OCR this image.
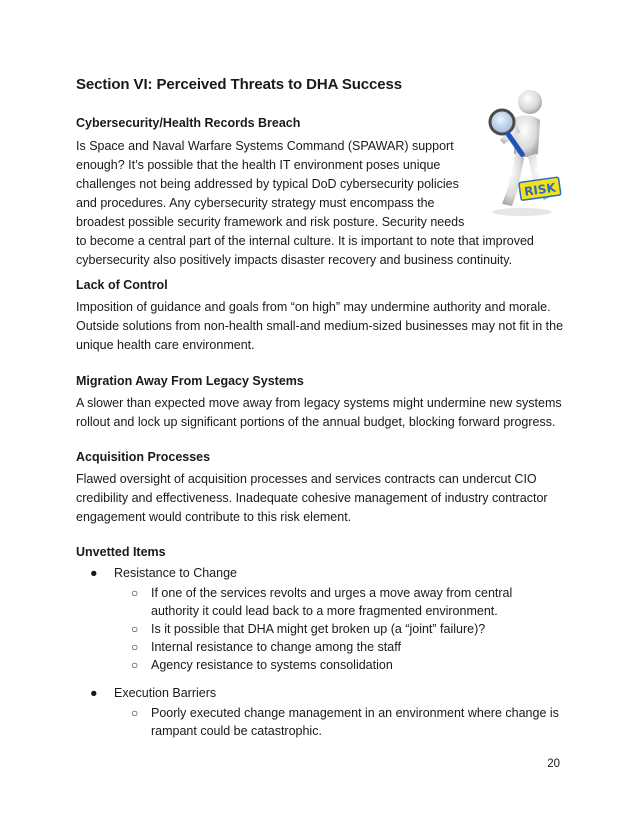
Section VI: Perceived Threats to DHA Success
RISK
Cybersecurity/Health Records Breach

Is Space and Naval Warfare Systems Command (SPAWAR) support
enough? It’s possible that the health IT environment poses unique
challenges not being addressed by typical DoD cybersecurity policies
and procedures. Any cybersecurity strategy must encompass the
broadest possible security framework and risk posture. Security needs
to become a central part of the internal culture. It is important to note that improved
cybersecurity also positively impacts disaster recovery and business continuity.

Lack of Control

Imposition of guidance and goals from “on high” may undermine authority and morale.
Outside solutions from non-health small-and medium-sized businesses may not fit in the
unique health care environment.

Migration Away From Legacy Systems

A slower than expected move away from legacy systems might undermine new systems
rollout and lock up significant portions of the annual budget, blocking forward progress.

Acquisition Processes

Flawed oversight of acquisition processes and services contracts can undercut CIO
credibility and effectiveness. Inadequate cohesive management of industry contractor
engagement would contribute to this risk element.

Unvetted Items
● Resistance to Change
○ If one of the services revolts and urges a move away from central
authority it could lead back to a more fragmented environment.
○ Is it possible that DHA might get broken up (a “joint” failure)?
○ Internal resistance to change among the staff
○ Agency resistance to systems consolidation
● Execution Barriers
○ Poorly executed change management in an environment where change is
rampant could be catastrophic.
20
